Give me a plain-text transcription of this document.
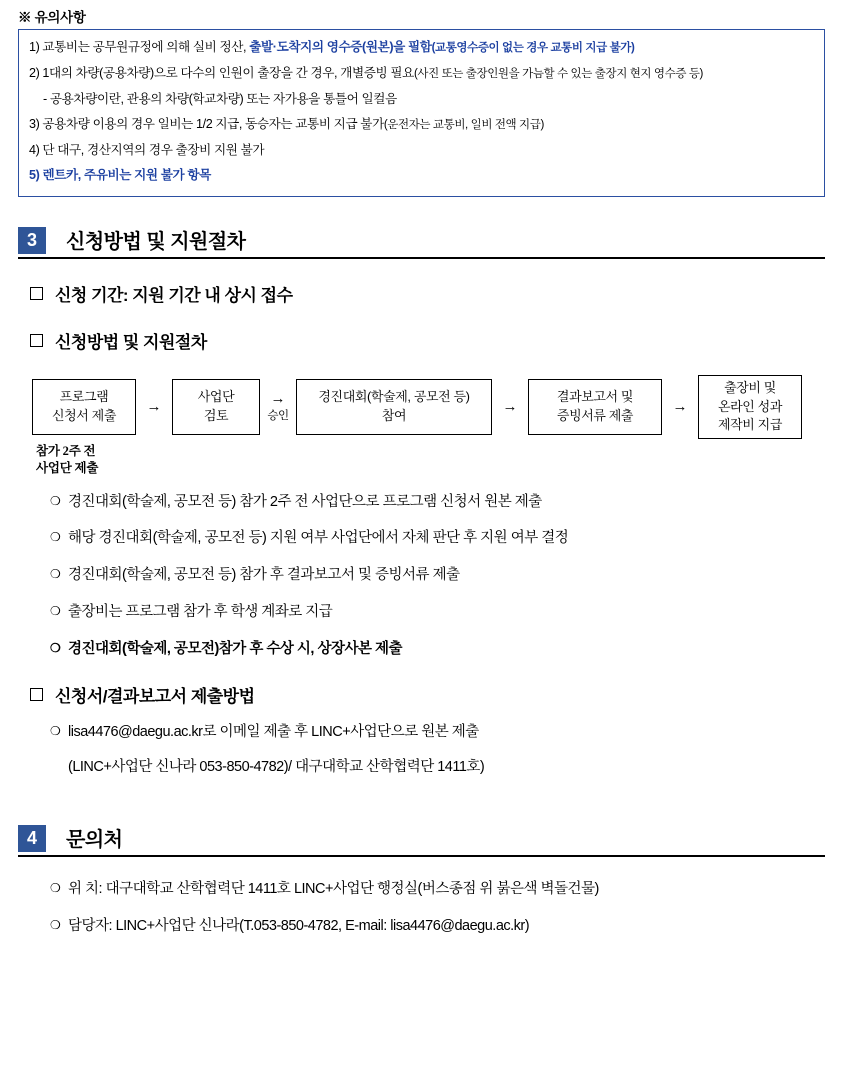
※ 유의사항
1) 교통비는 공무원규정에 의해 실비 정산, 출발·도착지의 영수증(원본)을 필함(교통영수증이 없는 경우 교통비 지급 불가)
2) 1대의 차량(공용차량)으로 다수의 인원이 출장을 간 경우, 개별증빙 필요(사진 또는 출장인원을 가늠할 수 있는 출장지 현지 영수증 등)
- 공용차량이란, 관용의 차량(학교차량) 또는 자가용을 통틀어 일컬음
3) 공용차량 이용의 경우 일비는 1/2 지급, 동승자는 교통비 지급 불가(운전자는 교통비, 일비 전액 지급)
4) 단 대구, 경산지역의 경우 출장비 지원 불가
5) 렌트카, 주유비는 지원 불가 항목
3	신청방법 및 지원절차
신청 기간: 지원 기간 내 상시 접수
신청방법 및 지원절차
프로그램
신청서 제출
→
사업단
검토
→
승인
경진대회(학술제, 공모전 등)
참여
→
결과보고서 및
증빙서류 제출
→
출장비 및
온라인 성과
제작비 지급
참가 2주 전
사업단 제출
❍ 경진대회(학술제, 공모전 등) 참가 2주 전 사업단으로 프로그램 신청서 원본 제출
❍ 해당 경진대회(학술제, 공모전 등) 지원 여부 사업단에서 자체 판단 후 지원 여부 결정
❍ 경진대회(학술제, 공모전 등) 참가 후 결과보고서 및 증빙서류 제출
❍ 출장비는 프로그램 참가 후 학생 계좌로 지급
❍ 경진대회(학술제, 공모전)참가 후 수상 시, 상장사본 제출
신청서/결과보고서 제출방법
❍ lisa4476@daegu.ac.kr로 이메일 제출 후 LINC+사업단으로 원본 제출
(LINC+사업단 신나라 053-850-4782)/ 대구대학교 산학협력단 1411호)
4	문의처
❍ 위 치: 대구대학교 산학협력단 1411호 LINC+사업단 행정실(버스종점 위 붉은색 벽돌건물)
❍ 담당자: LINC+사업단 신나라(T.053-850-4782, E-mail: lisa4476@daegu.ac.kr)
